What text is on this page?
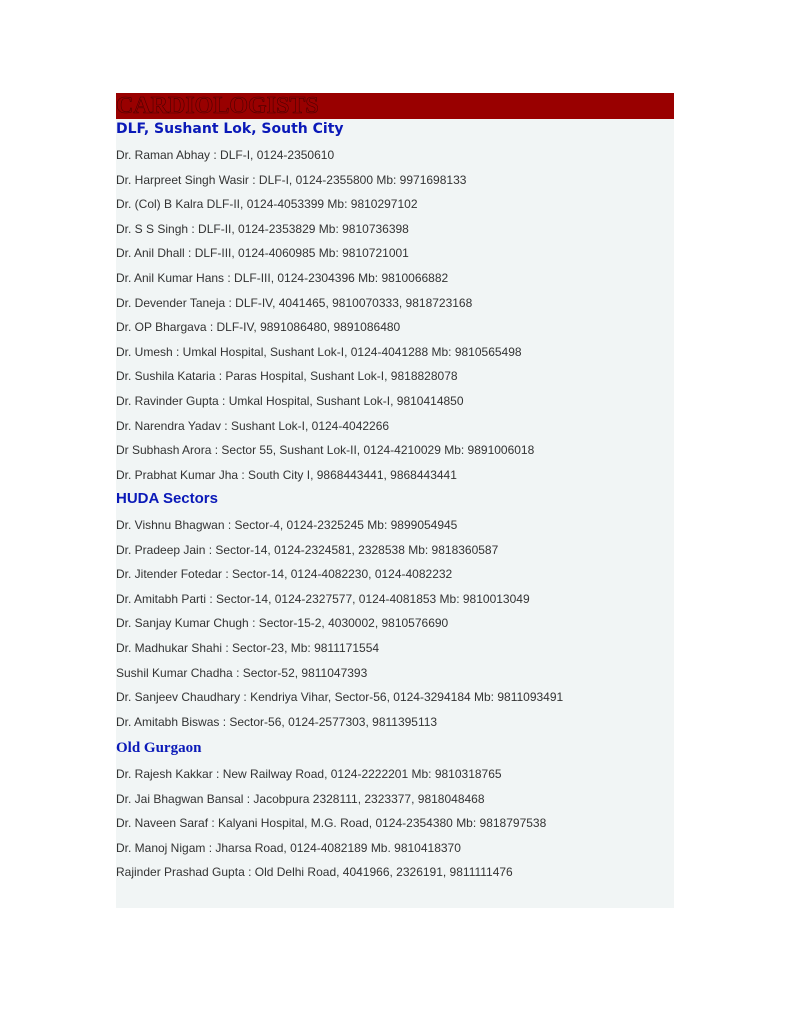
CARDIOLOGISTS
DLF, Sushant Lok, South City
Dr. Raman Abhay : DLF-I, 0124-2350610
Dr. Harpreet Singh Wasir : DLF-I, 0124-2355800 Mb: 9971698133
Dr. (Col) B Kalra DLF-II, 0124-4053399 Mb: 9810297102
Dr. S S Singh : DLF-II, 0124-2353829 Mb: 9810736398
Dr. Anil Dhall : DLF-III, 0124-4060985 Mb: 9810721001
Dr. Anil Kumar Hans : DLF-III, 0124-2304396 Mb: 9810066882
Dr. Devender Taneja : DLF-IV, 4041465, 9810070333, 9818723168
Dr. OP Bhargava : DLF-IV, 9891086480, 9891086480
Dr. Umesh : Umkal Hospital, Sushant Lok-I, 0124-4041288 Mb: 9810565498
Dr. Sushila Kataria : Paras Hospital, Sushant Lok-I, 9818828078
Dr. Ravinder Gupta : Umkal Hospital, Sushant Lok-I, 9810414850
Dr. Narendra Yadav : Sushant Lok-I, 0124-4042266
Dr Subhash Arora : Sector 55, Sushant Lok-II, 0124-4210029 Mb: 9891006018
Dr. Prabhat Kumar Jha : South City I, 9868443441, 9868443441
HUDA Sectors
Dr. Vishnu Bhagwan : Sector-4, 0124-2325245 Mb: 9899054945
Dr. Pradeep Jain : Sector-14, 0124-2324581, 2328538 Mb: 9818360587
Dr. Jitender Fotedar : Sector-14, 0124-4082230, 0124-4082232
Dr. Amitabh Parti : Sector-14, 0124-2327577, 0124-4081853 Mb: 9810013049
Dr. Sanjay Kumar Chugh : Sector-15-2, 4030002, 9810576690
Dr. Madhukar Shahi : Sector-23, Mb: 9811171554
Sushil Kumar Chadha : Sector-52, 9811047393
Dr. Sanjeev Chaudhary : Kendriya Vihar, Sector-56, 0124-3294184 Mb: 9811093491
Dr. Amitabh Biswas : Sector-56, 0124-2577303, 9811395113
Old Gurgaon
Dr. Rajesh Kakkar : New Railway Road, 0124-2222201 Mb: 9810318765
Dr. Jai Bhagwan Bansal : Jacobpura 2328111, 2323377, 9818048468
Dr. Naveen Saraf : Kalyani Hospital, M.G. Road, 0124-2354380 Mb: 9818797538
Dr. Manoj Nigam : Jharsa Road, 0124-4082189 Mb. 9810418370
Rajinder Prashad Gupta : Old Delhi Road, 4041966, 2326191, 9811111476
